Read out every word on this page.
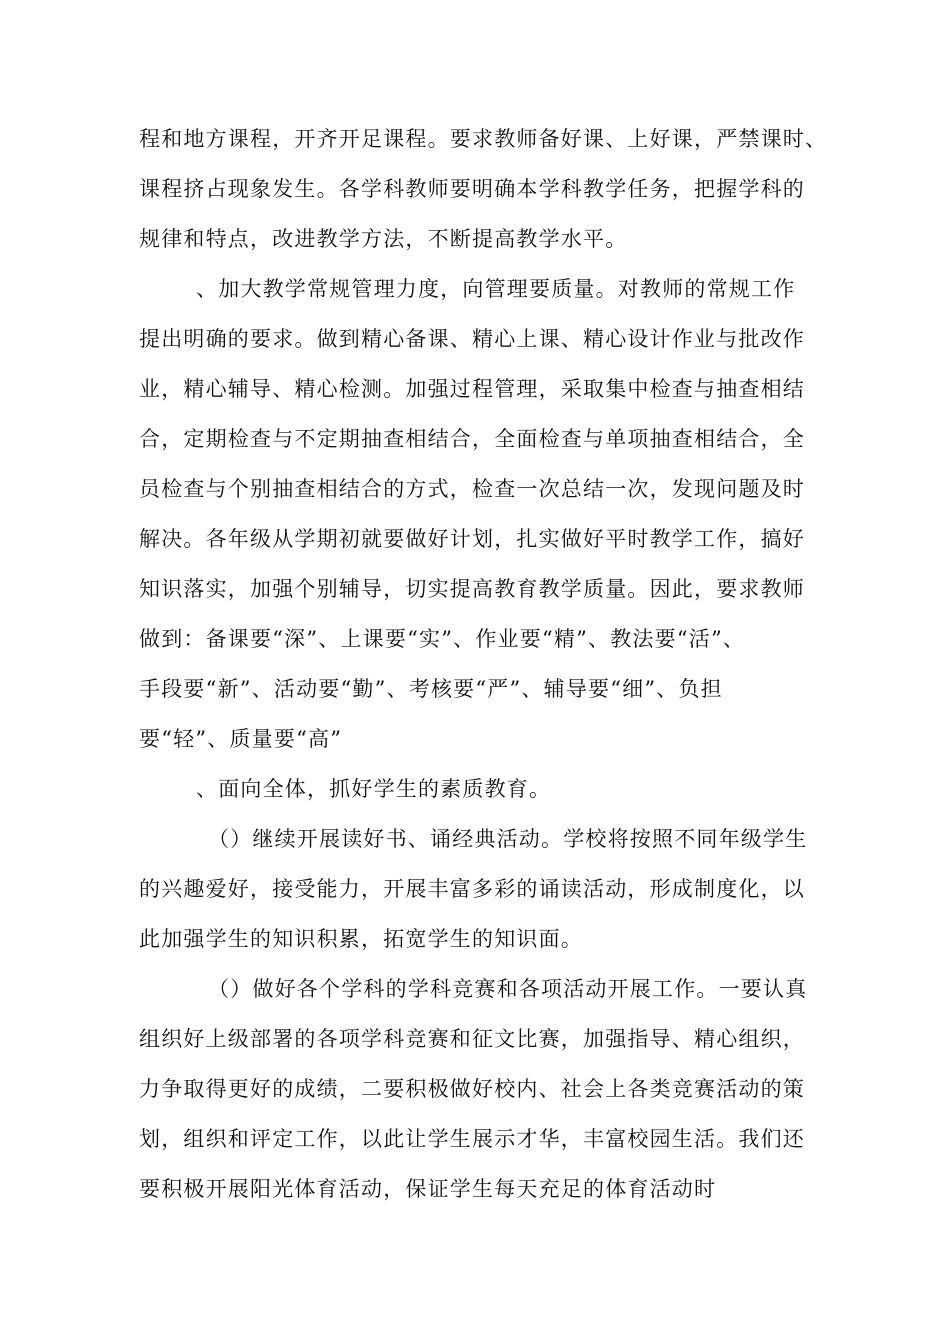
程和地方课程，开齐开足课程。要求教师备好课、上好课，严禁课时、

课程挤占现象发生。各学科教师要明确本学科教学任务，把握学科的

规律和特点，改进教学方法，不断提高教学水平。

、加大教学常规管理力度，向管理要质量。对教师的常规工作

提出明确的要求。做到精心备课、精心上课、精心设计作业与批改作

业，精心辅导、精心检测。加强过程管理，采取集中检查与抽查相结

合，定期检查与不定期抽查相结合，全面检查与单项抽查相结合，全

员检查与个别抽查相结合的方式，检查一次总结一次，发现问题及时

解决。各年级从学期初就要做好计划，扎实做好平时教学工作，搞好

知识落实，加强个别辅导，切实提高教育教学质量。因此，要求教师

做到：备课要“深”、上课要“实”、作业要“精”、教法要“活”、

手段要“新”、活动要“勤”、考核要“严”、辅导要“细”、负担

要“轻”、质量要“高”

、面向全体，抓好学生的素质教育。

（）继续开展读好书、诵经典活动。学校将按照不同年级学生

的兴趣爱好，接受能力，开展丰富多彩的诵读活动，形成制度化，以

此加强学生的知识积累，拓宽学生的知识面。

（）做好各个学科的学科竞赛和各项活动开展工作。一要认真

组织好上级部署的各项学科竞赛和征文比赛，加强指导、精心组织，

力争取得更好的成绩，二要积极做好校内、社会上各类竞赛活动的策

划，组织和评定工作，以此让学生展示才华，丰富校园生活。我们还

要积极开展阳光体育活动，保证学生每天充足的体育活动时
